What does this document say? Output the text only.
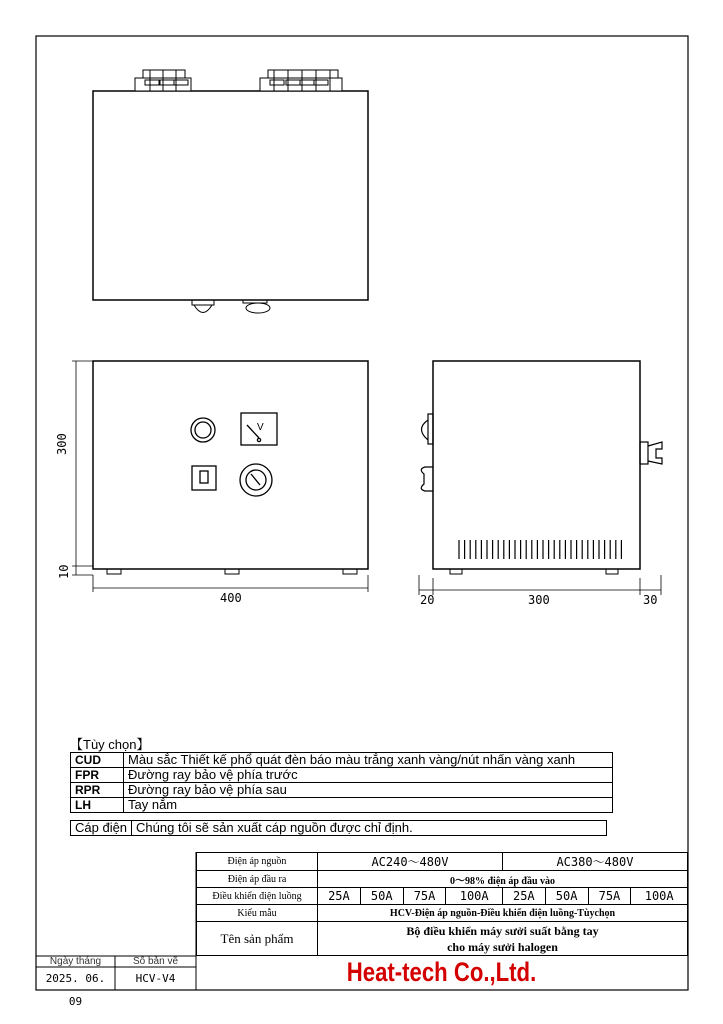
300
10
400	20	300	30
V
【Tùy chọn】
CUD	Màu sắc Thiết kế phổ quát đèn báo màu trắng xanh vàng/nút nhấn vàng xanh
FPR	Đường ray bảo vệ phía trước
RPR	Đường ray bảo vệ phía sau
LH	Tay nắm
Cáp điện	Chúng tôi sẽ sản xuất cáp nguồn được chỉ định.
Điện áp nguồn	AC240～480V				AC380～480V			
Điện áp đầu ra	0～98% điện áp đầu vào							
Điều khiển điện luồng	25A	50A	75A	100A	25A	50A	75A	100A
Kiểu mẫu	HCV-Điện áp nguồn-Điều khiển điện luồng-Tùychọn							
Tên sản phẩm	Bộ điều khiển máy sưởi suất bằng tay
cho máy sưởi halogen							
Heat-tech Co.,Ltd.
Ngày tháng	Số bản vẽ
2025. 06. 09
HCV-V4
